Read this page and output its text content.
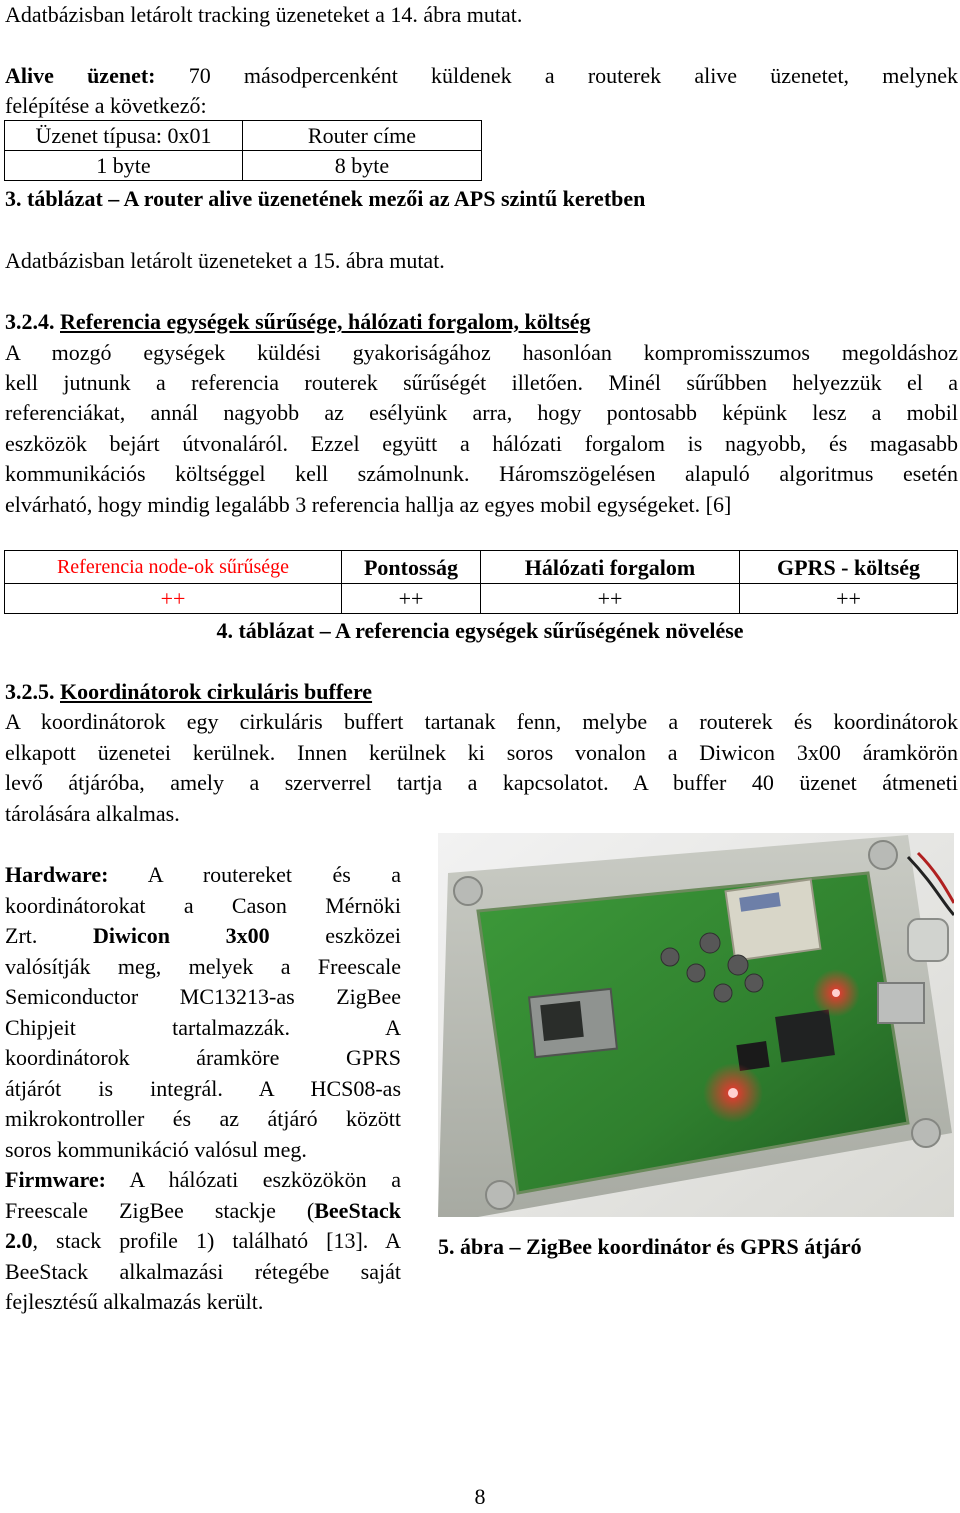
Adatbázisban letárolt tracking üzeneteket a 14. ábra mutat.
Alive üzenet: 70 másodpercenként küldenek a routerek alive üzenetet, melynek
felépítése a következő:
Üzenet típusa: 0x01	Router címe
1 byte	8 byte
3. táblázat – A router alive üzenetének mezői az APS szintű keretben
Adatbázisban letárolt üzeneteket a 15. ábra mutat.
3.2.4. Referencia egységek sűrűsége, hálózati forgalom, költség
A mozgó egységek küldési gyakoriságához hasonlóan kompromisszumos megoldáshoz
kell jutnunk a referencia routerek sűrűségét illetően. Minél sűrűbben helyezzük el a
referenciákat, annál nagyobb az esélyünk arra, hogy pontosabb képünk lesz a mobil
eszközök bejárt útvonaláról. Ezzel együtt a hálózati forgalom is nagyobb, és magasabb
kommunikációs költséggel kell számolnunk. Háromszögelésen alapuló algoritmus esetén
elvárható, hogy mindig legalább 3 referencia hallja az egyes mobil egységeket. [6]
Referencia node-ok sűrűsége	Pontosság	Hálózati forgalom	GPRS - költség
++	++	++	++
4. táblázat – A referencia egységek sűrűségének növelése
3.2.5. Koordinátorok cirkuláris buffere
A koordinátorok egy cirkuláris buffert tartanak fenn, melybe a routerek és koordinátorok
elkapott üzenetei kerülnek. Innen kerülnek ki soros vonalon a Diwicon 3x00 áramkörön
levő átjáróba, amely a szerverrel tartja a kapcsolatot. A buffer 40 üzenet átmeneti
tárolására alkalmas.
Hardware: A routereket és a
koordinátorokat a Cason Mérnöki
Zrt.	Diwicon 3x00	eszközei
valósítják meg, melyek a Freescale
Semiconductor MC13213-as ZigBee
Chipjeit tartalmazzák. A
koordinátorok áramköre GPRS
átjárót is integrál. A HCS08-as
mikrokontroller és az átjáró között
soros kommunikáció valósul meg.
Firmware: A hálózati eszközökön a
Freescale ZigBee stackje (BeeStack
2.0, stack profile 1) található [13]. A
BeeStack alkalmazási rétegébe saját
fejlesztésű alkalmazás került.
5. ábra – ZigBee koordinátor és GPRS átjáró
8
